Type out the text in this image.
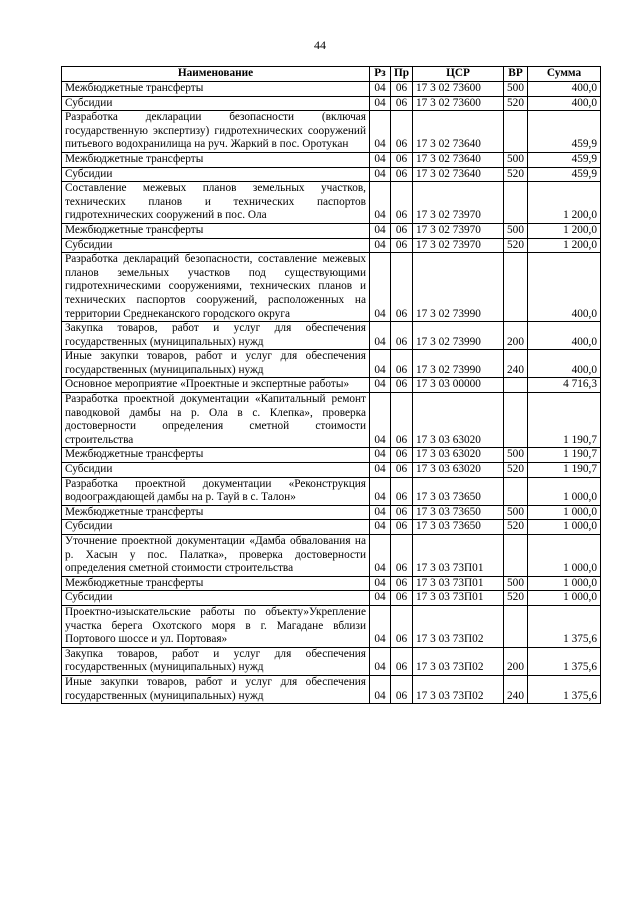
44
Наименование	Рз	Пр	ЦСР	ВР	Сумма
Межбюджетные трансферты	04	06	17 3 02 73600	500	400,0
Субсидии	04	06	17 3 02 73600	520	400,0
Разработка декларации безопасности (включая государственную экспертизу) гидротехнических сооружений питьевого водохранилища на руч. Жаркий в пос. Оротукан	04	06	17 3 02 73640		459,9
Межбюджетные трансферты	04	06	17 3 02 73640	500	459,9
Субсидии	04	06	17 3 02 73640	520	459,9
Составление межевых планов земельных участков, технических планов и технических паспортов гидротехнических сооружений в пос. Ола	04	06	17 3 02 73970		1 200,0
Межбюджетные трансферты	04	06	17 3 02 73970	500	1 200,0
Субсидии	04	06	17 3 02 73970	520	1 200,0
Разработка деклараций безопасности, составление межевых планов земельных участков под существующими гидротехническими сооружениями, технических планов и технических паспортов сооружений, расположенных на территории Среднеканского городского округа	04	06	17 3 02 73990		400,0
Закупка товаров, работ и услуг для обеспечения государственных (муниципальных) нужд	04	06	17 3 02 73990	200	400,0
Иные закупки товаров, работ и услуг для обеспечения государственных (муниципальных) нужд	04	06	17 3 02 73990	240	400,0
Основное мероприятие «Проектные и экспертные работы»	04	06	17 3 03 00000		4 716,3
Разработка проектной документации «Капитальный ремонт паводковой дамбы на р. Ола в с. Клепка», проверка достоверности определения сметной стоимости строительства	04	06	17 3 03 63020		1 190,7
Межбюджетные трансферты	04	06	17 3 03 63020	500	1 190,7
Субсидии	04	06	17 3 03 63020	520	1 190,7
Разработка проектной документации «Реконструкция водоограждающей дамбы на р. Тауй в с. Талон»	04	06	17 3 03 73650		1 000,0
Межбюджетные трансферты	04	06	17 3 03 73650	500	1 000,0
Субсидии	04	06	17 3 03 73650	520	1 000,0
Уточнение проектной документации «Дамба обвалования на р. Хасын у пос. Палатка», проверка достоверности определения сметной стоимости строительства	04	06	17 3 03 73П01		1 000,0
Межбюджетные трансферты	04	06	17 3 03 73П01	500	1 000,0
Субсидии	04	06	17 3 03 73П01	520	1 000,0
Проектно-изыскательские работы по объекту»Укрепление участка берега Охотского моря в г. Магадане вблизи Портового шоссе и ул. Портовая»	04	06	17 3 03 73П02		1 375,6
Закупка товаров, работ и услуг для обеспечения государственных (муниципальных) нужд	04	06	17 3 03 73П02	200	1 375,6
Иные закупки товаров, работ и услуг для обеспечения государственных (муниципальных) нужд	04	06	17 3 03 73П02	240	1 375,6
